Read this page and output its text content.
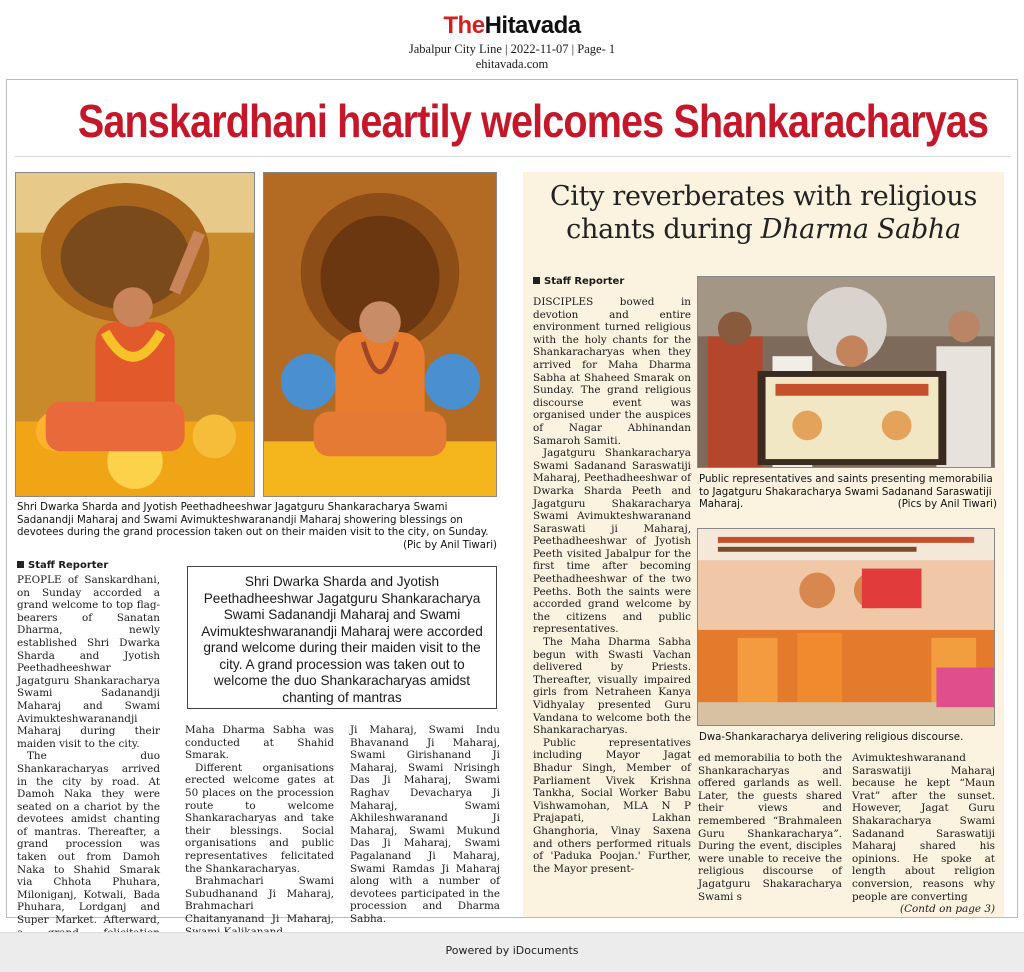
TheHitavada
Jabalpur City Line | 2022-11-07 | Page- 1
ehitavada.com
Sanskardhani heartily welcomes Shankaracharyas
Shri Dwarka Sharda and Jyotish Peethadheeshwar Jagatguru Shankaracharya Swami Sadanandji Maharaj and Swami Avimukteshwaranandji Maharaj showering blessings on devotees during the grand procession taken out on their maiden visit to the city, on Sunday.
(Pic by Anil Tiwari)
Staff Reporter

PEOPLE of Sanskardhani, on Sunday accorded a grand welcome to top flag-bearers of Sanatan Dharma, newly established Shri Dwarka Sharda and Jyotish Peethadheeshwar Jagatguru Shankaracharya Swami Sadanandji Maharaj and Swami Avimukteshwaranandji Maharaj during their maiden visit to the city.

The duo Shankaracharyas arrived in the city by road. At Damoh Naka they were seated on a chariot by the devotees amidst chanting of mantras. Thereafter, a grand procession was taken out from Damoh Naka to Shahid Smarak via Chhota Phuhara, Miloniganj, Kotwali, Bada Phuhara, Lordganj and Super Market. Afterward,

Shri Dwarka Sharda and Jyotish Peethadheeshwar Jagatguru Shankaracharya Swami Sadanandji Maharaj and Swami Avimukteshwaranandji Maharaj were accorded grand welcome during their maiden visit to the city. A grand procession was taken out to welcome the duo Shankaracharyas amidst chanting of mantras

Maha Dharma Sabha was conducted at Shahid Smarak.

Different organisations erected welcome gates at 50 places on the procession route to welcome Shankaracharyas and take their blessings. Social organisations and public representatives felicitated the Shankaracharyas.

Brahmachari Swami Subudhanand Ji Maharaj, Brahmachari Chaitanyanand Ji Maharaj,

Ji Maharaj, Swami Indu Bhavanand Ji Maharaj, Swami Girishanand Ji Maharaj, Swami Nrisingh Das Ji Maharaj, Swami Raghav Devacharya Ji Maharaj, Swami Akhileshwaranand Ji Maharaj, Swami Mukund Das Ji Maharaj, Swami Pagalanand Ji Maharaj, Swami Ramdas Ji Maharaj along with a number of devotees participated in the procession and Dharma Sabha.

City reverberates with religious
chants during Dharma Sabha
Staff Reporter

DISCIPLES bowed in devotion and entire environment turned religious with the holy chants for the Shankaracharyas when they arrived for Maha Dharma Sabha at Shaheed Smarak on Sunday. The grand religious discourse event was organised under the auspices of Nagar Abhinandan Samaroh Samiti.

Jagatguru Shankaracharya Swami Sadanand Saraswatiji Maharaj, Peethadheeshwar of Dwarka Sharda Peeth and Jagatguru Shakaracharya Swami Avimukteshwaranand Saraswati ji Maharaj, Peethadheeshwar of Jyotish Peeth visited Jabalpur for the first time after becoming Peethadheeshwar of the two Peeths. Both the saints were accorded grand welcome by the citizens and public representatives.

The Maha Dharma Sabha begun with Swasti Vachan delivered by Priests. Thereafter, visually impaired girls from Netraheen Kanya Vidhyalay presented Guru Vandana to welcome both the Shankaracharyas.

Public representatives including Mayor Jagat Bhadur Singh, Member of Parliament Vivek Krishna Tankha, Social Worker Babu Vishwamohan, MLA N P Prajapati, Lakhan Ghanghoria, Vinay Saxena and others performed rituals of 'Paduka Poojan.' Further, the Mayor present-

Public representatives and saints presenting memorabilia to Jagatguru Shakaracharya Swami Sadanand Saraswatiji Maharaj.	(Pics by Anil Tiwari)
Dwa-Shankaracharya delivering religious discourse.

ed memorabilia to both the Shankaracharyas and offered garlands as well. Later, the guests shared their views and remembered “Brahmaleen Guru Shankaracharya”. During the event, disciples were unable to receive the religious discourse of Jagatguru Shakaracharya Swami s

Avimukteshwaranand Saraswatiji Maharaj because he kept “Maun Vrat” after the sunset. However, Jagat Guru Shakaracharya Swami Sadanand Saraswatiji Maharaj shared his opinions. He spoke at length about religion conversion, reasons why people are converting

(Contd on page 3)
Powered by iDocuments
